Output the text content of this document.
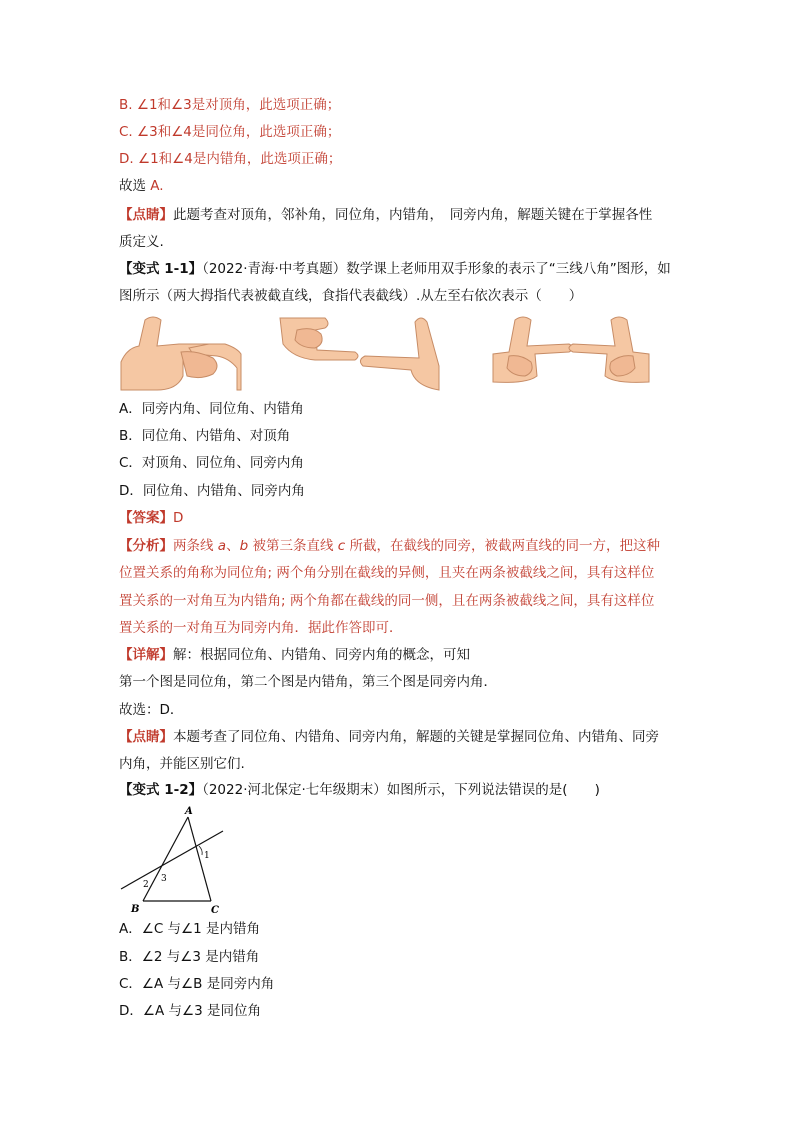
B. ∠1和∠3是对顶角，此选项正确；
C. ∠3和∠4是同位角，此选项正确；
D. ∠1和∠4是内错角，此选项正确；
故选 A.
【点睛】此题考查对顶角，邻补角，同位角，内错角，　同旁内角，解题关键在于掌握各性
质定义.
【变式 1-1】（2022·青海·中考真题）数学课上老师用双手形象的表示了“三线八角”图形，如
图所示（两大拇指代表被截直线，食指代表截线）.从左至右依次表示（　　）
A．同旁内角、同位角、内错角
B．同位角、内错角、对顶角
C．对顶角、同位角、同旁内角
D．同位角、内错角、同旁内角
【答案】D
【分析】两条线 a、b 被第三条直线 c 所截，在截线的同旁，被截两直线的同一方，把这种
位置关系的角称为同位角; 两个角分别在截线的异侧，且夹在两条被截线之间，具有这样位
置关系的一对角互为内错角; 两个角都在截线的同一侧，且在两条被截线之间，具有这样位
置关系的一对角互为同旁内角．据此作答即可．
【详解】解：根据同位角、内错角、同旁内角的概念，可知
第一个图是同位角，第二个图是内错角，第三个图是同旁内角．
故选：D．
【点睛】本题考查了同位角、内错角、同旁内角，解题的关键是掌握同位角、内错角、同旁
内角，并能区别它们.
【变式 1-2】（2022·河北保定·七年级期末）如图所示，下列说法错误的是(　　)
A
B	C
1
2
3
A．∠C 与∠1 是内错角
B．∠2 与∠3 是内错角
C．∠A 与∠B 是同旁内角
D．∠A 与∠3 是同位角
